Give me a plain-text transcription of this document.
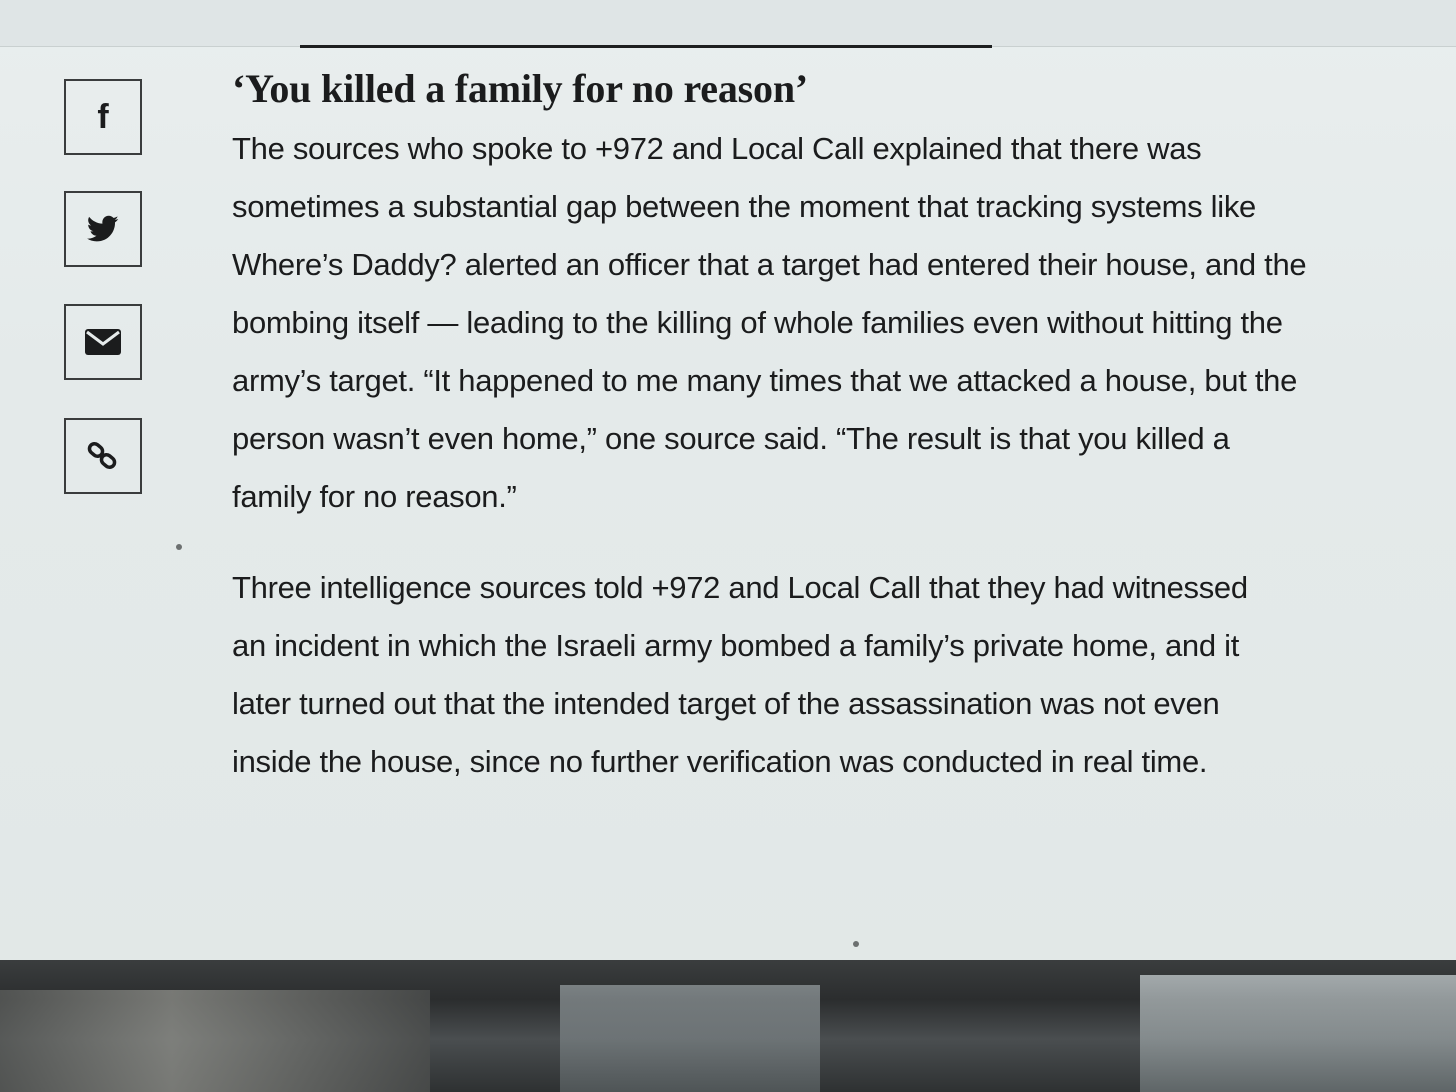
f
‘You killed a family for no reason’

The sources who spoke to +972 and Local Call explained that there was sometimes a substantial gap between the moment that tracking systems like Where’s Daddy? alerted an officer that a target had entered their house, and the bombing itself — leading to the killing of whole families even without hitting the army’s target. “It happened to me many times that we attacked a house, but the person wasn’t even home,” one source said. “The result is that you killed a family for no reason.”

Three intelligence sources told +972 and Local Call that they had witnessed an incident in which the Israeli army bombed a family’s private home, and it later turned out that the intended target of the assassination was not even inside the house, since no further verification was conducted in real time.
